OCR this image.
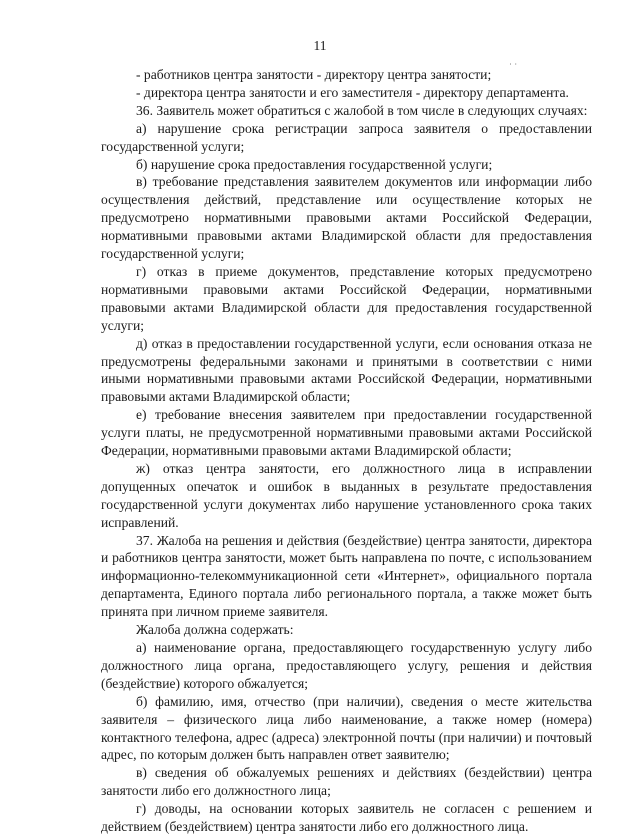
11
˙ ˙

- работников центра занятости - директору центра занятости;

- директора центра занятости и его заместителя - директору департамента.

36. Заявитель может обратиться с жалобой в том числе в следующих случаях:

а) нарушение срока регистрации запроса заявителя о предоставлении государственной услуги;

б) нарушение срока предоставления государственной услуги;

в) требование представления заявителем документов или информации либо осуществления действий, представление или осуществление которых не предусмотрено нормативными правовыми актами Российской Федерации, нормативными правовыми актами Владимирской области для предоставления государственной услуги;

г) отказ в приеме документов, представление которых предусмотрено нормативными правовыми актами Российской Федерации, нормативными правовыми актами Владимирской области для предоставления государственной услуги;

д) отказ в предоставлении государственной услуги, если основания отказа не предусмотрены федеральными законами и принятыми в соответствии с ними иными нормативными правовыми актами Российской Федерации, нормативными правовыми актами Владимирской области;

е) требование внесения заявителем при предоставлении государственной услуги платы, не предусмотренной нормативными правовыми актами Российской Федерации, нормативными правовыми актами Владимирской области;

ж) отказ центра занятости, его должностного лица в исправлении допущенных опечаток и ошибок в выданных в результате предоставления государственной услуги документах либо нарушение установленного срока таких исправлений.

37. Жалоба на решения и действия (бездействие) центра занятости, директора и работников центра занятости, может быть направлена по почте, с использованием информационно-телекоммуникационной сети «Интернет», официального портала департамента, Единого портала либо регионального портала, а также может быть принята при личном приеме заявителя.

Жалоба должна содержать:

а) наименование органа, предоставляющего государственную услугу либо должностного лица органа, предоставляющего услугу, решения и действия (бездействие) которого обжалуется;

б) фамилию, имя, отчество (при наличии), сведения о месте жительства заявителя – физического лица либо наименование, а также номер (номера) контактного телефона, адрес (адреса) электронной почты (при наличии) и почтовый адрес, по которым должен быть направлен ответ заявителю;

в) сведения об обжалуемых решениях и действиях (бездействии) центра занятости либо его должностного лица;

г) доводы, на основании которых заявитель не согласен с решением и действием (бездействием) центра занятости либо его должностного лица.
